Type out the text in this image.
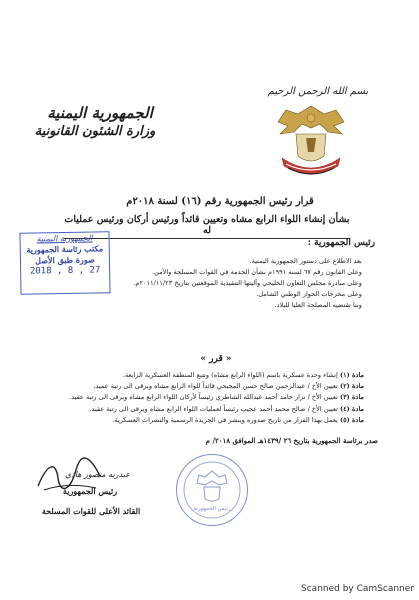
بسم الله الرحمن الرحيم
الجمهورية اليمنية
وزارة الشئون القانونية
قرار رئيس الجمهورية رقم (١٦) لسنة ٢٠١٨م
بشأن إنشاء اللواء الرابع مشاه وتعيين قائداً ورئيس أركان ورئيس عمليات له
الجمهورية اليمنية
مكتب رئاسة الجمهورية
صورة طبق الأصل
2018 , 8 , 27
رئيس الجمهورية :
بعد الاطلاع على دستور الجمهورية اليمنية.
وعلى القانون رقم ٦٧ لسنة ١٩٩١م بشأن الخدمة في القوات المسلحة والأمن.
وعلى مبادرة مجلس التعاون الخليجي وآليتها التنفيذية الموقعتين بتاريخ ٢٠١١/١١/٢٣م.
وعلى مخرجات الحوار الوطني الشامل.
وبنا تقتضيه المصلحة العليا للبلاد.
« قرر »
مادة (١) إنشاء وحدة عسكرية باسم (اللواء الرابع مشاه) وتتبع المنطقة العسكرية الرابعة.
مادة (٢) تعيين الأخ / عبدالرحمن صالح حسن المحيحي قائداً للواء الرابع مشاه ويرقى الى رتبة عميد.
مادة (٣) تعيين الأخ / نزار حامد أحمد عبدالله الشاطري رئيساً لأركان اللواء الرابع مشاه ويرقى الى رتبة عقيد.
مادة (٤) تعيين الأخ / صالح محمد أحمد عجيب رئيساً لعمليات اللواء الرابع مشاه ويرقى الى رتبة عقيد.
مادة (٥) يعمل بهذا القرار من تاريخ صدوره وينشر في الجريدة الرسمية والنشرات العسكرية.
صدر برئاسة الجمهورية بتاريخ ٢٦ /١٤٣٩هـ الموافق ٢٠١٨/ م
عبدربه منصور هادي
رئيس الجمهورية
القائد الأعلى للقوات المسلحة	رئيس الجمهورية
Scanned by CamScanner
